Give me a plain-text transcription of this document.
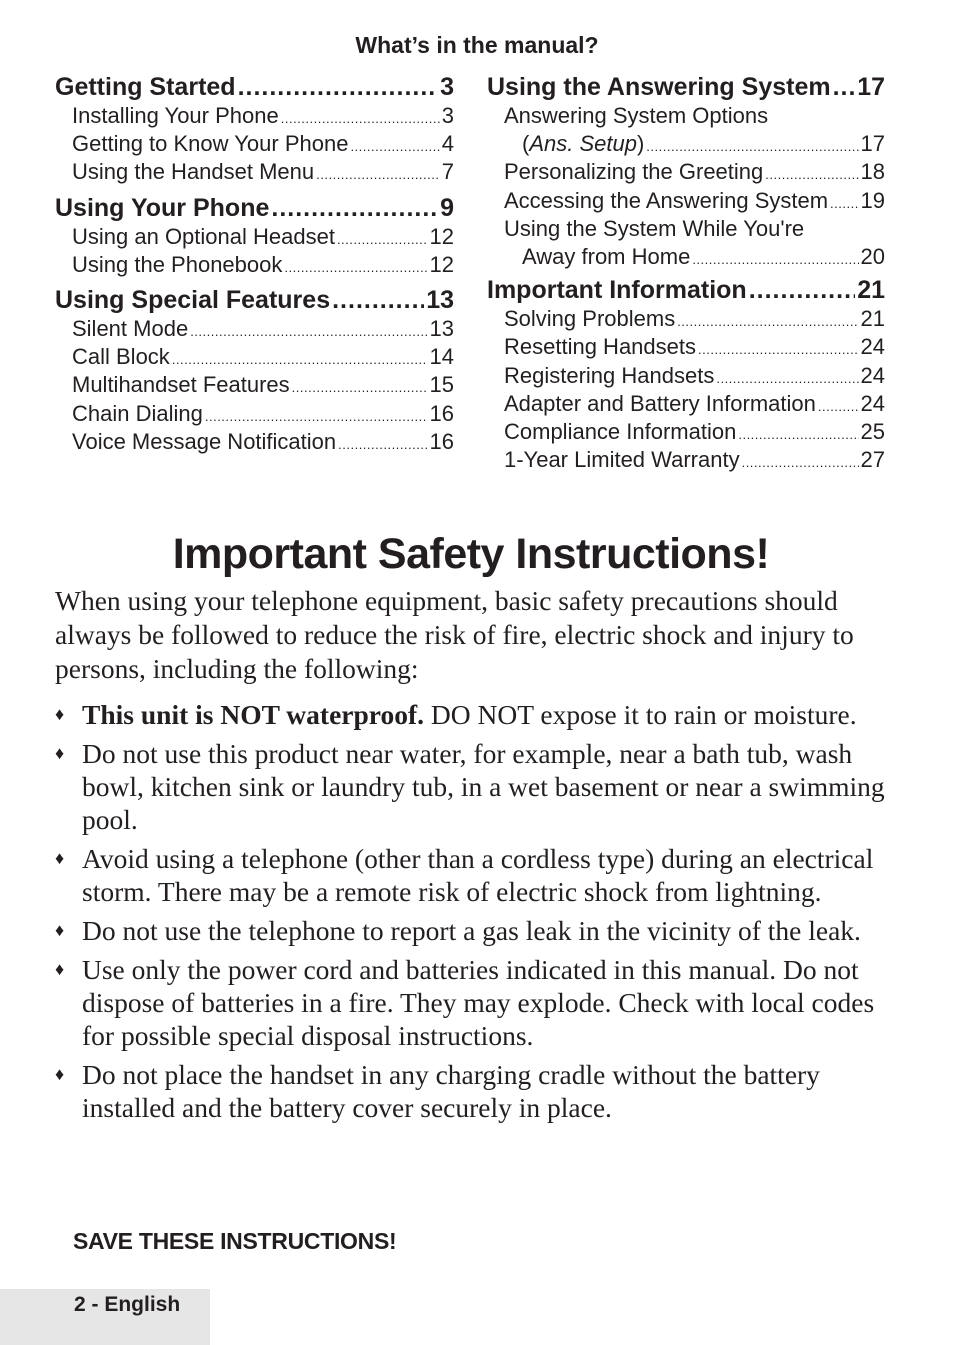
What’s in the manual?
Getting Started .....	3
Installing Your Phone .....	3
Getting to Know Your Phone .....	4
Using the Handset Menu .....	7
Using Your Phone .....	9
Using an Optional Headset .....	12
Using the Phonebook .....	12
Using Special Features .....	13
Silent Mode .....	13
Call Block .....	14
Multihandset Features .....	15
Chain Dialing .....	16
Voice Message Notification .....	16
Using the Answering System ..... 17
Answering System Options
(Ans. Setup) .....	17
Personalizing the Greeting .....	18
Accessing the Answering System ..... 19
Using the System While You're
Away from Home .....	20
Important Information .....	21
Solving Problems .....	21
Resetting Handsets .....	24
Registering Handsets .....	24
Adapter and Battery Information ..... 24
Compliance Information .....	25
1-Year Limited Warranty .....	27
Important Safety Instructions!
When using your telephone equipment, basic safety precautions should always be followed to reduce the risk of fire, electric shock and injury to persons, including the following:
♦ This unit is NOT waterproof. DO NOT expose it to rain or moisture.
♦ Do not use this product near water, for example, near a bath tub, wash bowl, kitchen sink or laundry tub, in a wet basement or near a swimming pool.
♦ Avoid using a telephone (other than a cordless type) during an electrical storm. There may be a remote risk of electric shock from lightning.
♦ Do not use the telephone to report a gas leak in the vicinity of the leak.
♦ Use only the power cord and batteries indicated in this manual. Do not dispose of batteries in a fire. They may explode. Check with local codes for possible special disposal instructions.
♦ Do not place the handset in any charging cradle without the battery installed and the battery cover securely in place.
SAVE THESE INSTRUCTIONS!
2 - English
